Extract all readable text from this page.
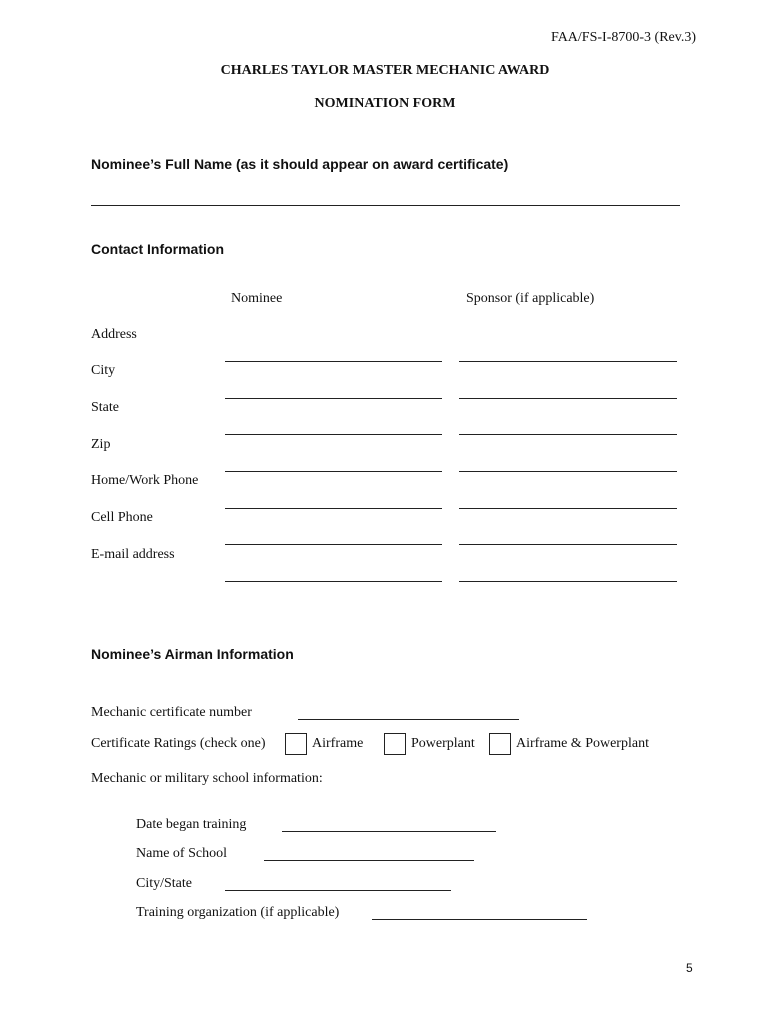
FAA/FS-I-8700-3 (Rev.3)
CHARLES TAYLOR MASTER MECHANIC AWARD
NOMINATION FORM
Nominee’s Full Name (as it should appear on award certificate)
Contact Information
Nominee	Sponsor (if applicable)
Address
City
State
Zip
Home/Work Phone
Cell Phone
E-mail address
Nominee’s Airman Information
Mechanic certificate number
Certificate Ratings (check one)	Airframe	Powerplant	Airframe & Powerplant
Mechanic or military school information:
Date began training
Name of School
City/State
Training organization (if applicable)
5
